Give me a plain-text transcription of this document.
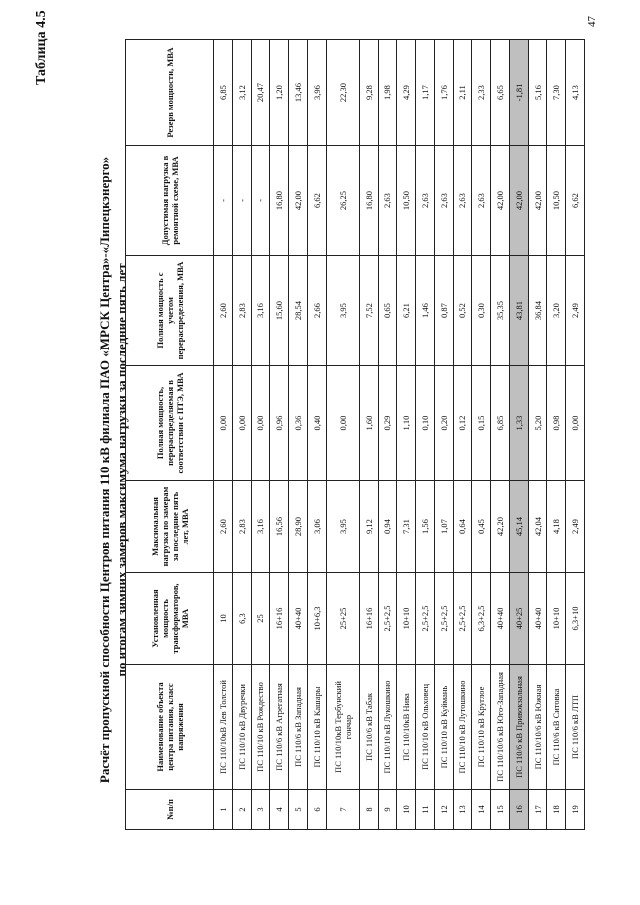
Таблица 4.5
Расчёт пропускной способности Центров питания 110 кВ филиала ПАО «МРСК Центра»-«Липецкэнерго» по итогам зимних замеров максимума нагрузки за последние пять лет
№п/п	Наименование объекта центра питания, класс напряжения	Установленная мощность трансформаторов, МВА	Максимальная нагрузка по замерам за последние пять лет, МВА	Полная мощность, перераспределяемая в соответствии с ПТЭ, МВА	Полная мощность с учетом перераспределения, МВА	Допустимая нагрузка в ремонтной схеме, МВА	Резерв мощности, МВА
1	ПС 110/10кВ Лев Толстой	10	2,60	0,00	2,60	-	6,85
2	ПС 110/10 кВ Двуречки	6,3	2,83	0,00	2,83	-	3,12
3	ПС 110/10 кВ Рождество	25	3,16	0,00	3,16	-	20,47
4	ПС 110/6 кВ Агрегатная	16+16	16,56	0,96	15,60	16,80	1,20
5	ПС 110/6 кВ Западная	40+40	28,90	0,36	28,54	42,00	13,46
6	ПС 110/10 кВ Кашары	10+6,3	3,06	0,40	2,66	6,62	3,96
7	ПС 110/10кВ Тербунский гончар	25+25	3,95	0,00	3,95	26,25	22,30
8	ПС 110/6 кВ Табак	16+16	9,12	1,60	7,52	16,80	9,28
9	ПС 110/10 кВ Лукошкино	2,5+2,5	0,94	0,29	0,65	2,63	1,98
10	ПС 110/10кВ Нива	10+10	7,31	1,10	6,21	10,50	4,29
11	ПС 110/10 кВ Ольховец	2,5+2,5	1,56	0,10	1,46	2,63	1,17
12	ПС 110/10 кВ Куймань	2,5+2,5	1,07	0,20	0,87	2,63	1,76
13	ПС 110/10 кВ Лутошкино	2,5+2,5	0,64	0,12	0,52	2,63	2,11
14	ПС 110/10 кВ Круглое	6,3+2,5	0,45	0,15	0,30	2,63	2,33
15	ПС 110/10/6 кВ Юго-Западная	40+40	42,20	6,85	35,35	42,00	6,65
16	ПС 110/6 кВ Привокзальная	40+25	45,14	1,33	43,81	42,00	-1,81
17	ПС 110/10/6 кВ Южная	40+40	42,04	5,20	36,84	42,00	5,16
18	ПС 110/6 кВ Ситовка	10+10	4,18	0,98	3,20	10,50	7,30
19	ПС 110/6 кВ ЛТП	6,3+10	2,49	0,00	2,49	6,62	4,13
47
